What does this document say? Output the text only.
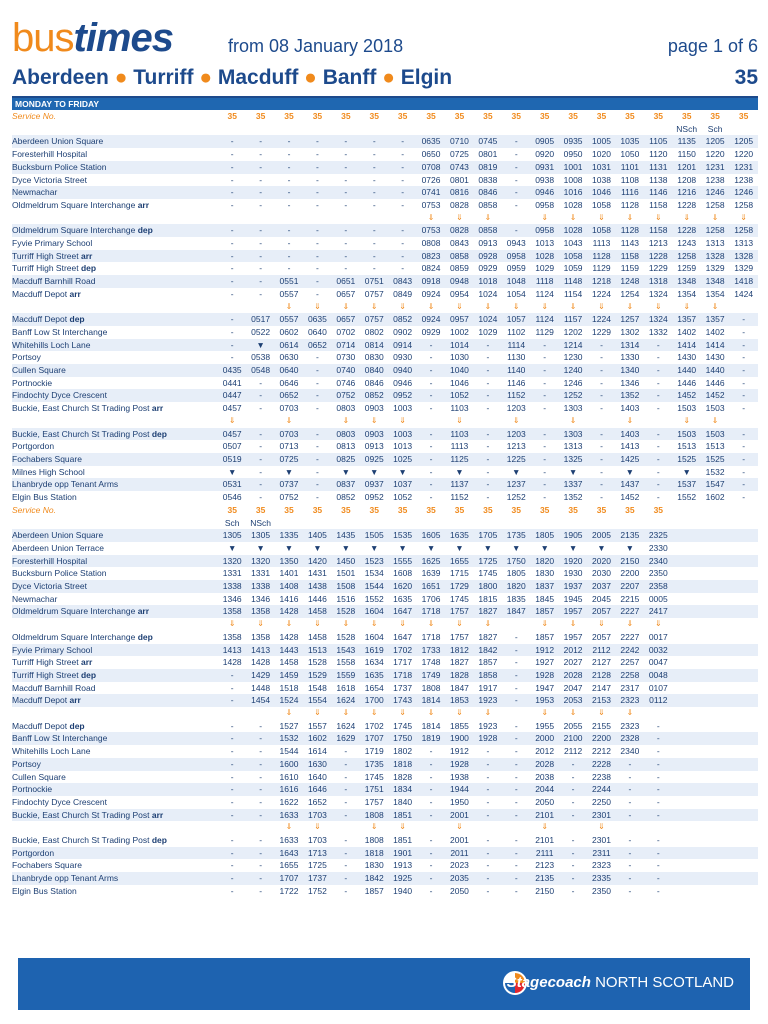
bustimes	from 08 January 2018	page 1 of 6
Aberdeen ● Turriff ● Macduff ● Banff ● Elgin	35
MONDAY TO FRIDAY
Service No.	35	35	35	35	35	35	35	35	35	35	35	35	35	35	35	35	35	35	35
																	NSch	Sch	
Aberdeen Union Square	-	-	-	-	-	-	-	0635	0710	0745	-	0905	0935	1005	1035	1105	1135	1205	1205
Foresterhill Hospital	-	-	-	-	-	-	-	0650	0725	0801	-	0920	0950	1020	1050	1120	1150	1220	1220
Bucksburn Police Station	-	-	-	-	-	-	-	0708	0743	0819	-	0931	1001	1031	1101	1131	1201	1231	1231
Dyce Victoria Street	-	-	-	-	-	-	-	0726	0801	0838	-	0938	1008	1038	1108	1138	1208	1238	1238
Newmachar	-	-	-	-	-	-	-	0741	0816	0846	-	0946	1016	1046	1116	1146	1216	1246	1246
Oldmeldrum Square Interchange arr	-	-	-	-	-	-	-	0753	0828	0858	-	0958	1028	1058	1128	1158	1228	1258	1258
								⇓	⇓	⇓		⇓	⇓	⇓	⇓	⇓	⇓	⇓	⇓
Oldmeldrum Square Interchange dep	-	-	-	-	-	-	-	0753	0828	0858	-	0958	1028	1058	1128	1158	1228	1258	1258
Fyvie Primary School	-	-	-	-	-	-	-	0808	0843	0913	0943	1013	1043	1113	1143	1213	1243	1313	1313
Turriff High Street arr	-	-	-	-	-	-	-	0823	0858	0928	0958	1028	1058	1128	1158	1228	1258	1328	1328
Turriff High Street dep	-	-	-	-	-	-	-	0824	0859	0929	0959	1029	1059	1129	1159	1229	1259	1329	1329
Macduff Barnhill Road	-	-	0551	-	0651	0751	0843	0918	0948	1018	1048	1118	1148	1218	1248	1318	1348	1348	1418
Macduff Depot arr	-	-	0557	-	0657	0757	0849	0924	0954	1024	1054	1124	1154	1224	1254	1324	1354	1354	1424
			⇓	⇓	⇓	⇓	⇓	⇓	⇓	⇓	⇓	⇓	⇓	⇓	⇓	⇓	⇓	⇓	
Macduff Depot dep	-	0517	0557	0635	0657	0757	0852	0924	0957	1024	1057	1124	1157	1224	1257	1324	1357	1357	-
Banff Low St Interchange	-	0522	0602	0640	0702	0802	0902	0929	1002	1029	1102	1129	1202	1229	1302	1332	1402	1402	-
Whitehills Loch Lane	-	▼	0614	0652	0714	0814	0914	-	1014	-	1114	-	1214	-	1314	-	1414	1414	-
Portsoy	-	0538	0630	-	0730	0830	0930	-	1030	-	1130	-	1230	-	1330	-	1430	1430	-
Cullen Square	0435	0548	0640	-	0740	0840	0940	-	1040	-	1140	-	1240	-	1340	-	1440	1440	-
Portnockie	0441	-	0646	-	0746	0846	0946	-	1046	-	1146	-	1246	-	1346	-	1446	1446	-
Findochty Dyce Crescent	0447	-	0652	-	0752	0852	0952	-	1052	-	1152	-	1252	-	1352	-	1452	1452	-
Buckie, East Church St Trading Post arr	0457	-	0703	-	0803	0903	1003	-	1103	-	1203	-	1303	-	1403	-	1503	1503	-
	⇓		⇓		⇓	⇓	⇓		⇓		⇓		⇓		⇓		⇓	⇓	
Buckie, East Church St Trading Post dep	0457	-	0703	-	0803	0903	1003	-	1103	-	1203	-	1303	-	1403	-	1503	1503	-
Portgordon	0507	-	0713	-	0813	0913	1013	-	1113	-	1213	-	1313	-	1413	-	1513	1513	-
Fochabers Square	0519	-	0725	-	0825	0925	1025	-	1125	-	1225	-	1325	-	1425	-	1525	1525	-
Milnes High School	▼	-	▼	-	▼	▼	▼	-	▼	-	▼	-	▼	-	▼	-	▼	1532	-
Lhanbryde opp Tenant Arms	0531	-	0737	-	0837	0937	1037	-	1137	-	1237	-	1337	-	1437	-	1537	1547	-
Elgin Bus Station	0546	-	0752	-	0852	0952	1052	-	1152	-	1252	-	1352	-	1452	-	1552	1602	-
Service No.	35	35	35	35	35	35	35	35	35	35	35	35	35	35	35	35			
	Sch	NSch																	
Aberdeen Union Square	1305	1305	1335	1405	1435	1505	1535	1605	1635	1705	1735	1805	1905	2005	2135	2325			
Aberdeen Union Terrace	▼	▼	▼	▼	▼	▼	▼	▼	▼	▼	▼	▼	▼	▼	▼	2330			
Foresterhill Hospital	1320	1320	1350	1420	1450	1523	1555	1625	1655	1725	1750	1820	1920	2020	2150	2340			
Bucksburn Police Station	1331	1331	1401	1431	1501	1534	1608	1639	1715	1745	1805	1830	1930	2030	2200	2350			
Dyce Victoria Street	1338	1338	1408	1438	1508	1544	1620	1651	1729	1800	1820	1837	1937	2037	2207	2358			
Newmachar	1346	1346	1416	1446	1516	1552	1635	1706	1745	1815	1835	1845	1945	2045	2215	0005			
Oldmeldrum Square Interchange arr	1358	1358	1428	1458	1528	1604	1647	1718	1757	1827	1847	1857	1957	2057	2227	2417			
	⇓	⇓	⇓	⇓	⇓	⇓	⇓	⇓	⇓	⇓		⇓	⇓	⇓	⇓	⇓			
Oldmeldrum Square Interchange dep	1358	1358	1428	1458	1528	1604	1647	1718	1757	1827	-	1857	1957	2057	2227	0017			
Fyvie Primary School	1413	1413	1443	1513	1543	1619	1702	1733	1812	1842	-	1912	2012	2112	2242	0032			
Turriff High Street arr	1428	1428	1458	1528	1558	1634	1717	1748	1827	1857	-	1927	2027	2127	2257	0047			
Turriff High Street dep	-	1429	1459	1529	1559	1635	1718	1749	1828	1858	-	1928	2028	2128	2258	0048			
Macduff Barnhill Road	-	1448	1518	1548	1618	1654	1737	1808	1847	1917	-	1947	2047	2147	2317	0107			
Macduff Depot arr	-	1454	1524	1554	1624	1700	1743	1814	1853	1923	-	1953	2053	2153	2323	0112			
			⇓	⇓	⇓	⇓	⇓	⇓	⇓	⇓		⇓	⇓	⇓	⇓				
Macduff Depot dep	-	-	1527	1557	1624	1702	1745	1814	1855	1923	-	1955	2055	2155	2323	-			
Banff Low St Interchange	-	-	1532	1602	1629	1707	1750	1819	1900	1928	-	2000	2100	2200	2328	-			
Whitehills Loch Lane	-	-	1544	1614	-	1719	1802	-	1912	-	-	2012	2112	2212	2340	-			
Portsoy	-	-	1600	1630	-	1735	1818	-	1928	-	-	2028	-	2228	-	-			
Cullen Square	-	-	1610	1640	-	1745	1828	-	1938	-	-	2038	-	2238	-	-			
Portnockie	-	-	1616	1646	-	1751	1834	-	1944	-	-	2044	-	2244	-	-			
Findochty Dyce Crescent	-	-	1622	1652	-	1757	1840	-	1950	-	-	2050	-	2250	-	-			
Buckie, East Church St Trading Post arr	-	-	1633	1703	-	1808	1851	-	2001	-	-	2101	-	2301	-	-			
			⇓	⇓		⇓	⇓		⇓			⇓		⇓					
Buckie, East Church St Trading Post dep	-	-	1633	1703	-	1808	1851	-	2001	-	-	2101	-	2301	-	-			
Portgordon	-	-	1643	1713	-	1818	1901	-	2011	-	-	2111	-	2311	-	-			
Fochabers Square	-	-	1655	1725	-	1830	1913	-	2023	-	-	2123	-	2323	-	-			
Lhanbryde opp Tenant Arms	-	-	1707	1737	-	1842	1925	-	2035	-	-	2135	-	2335	-	-			
Elgin Bus Station	-	-	1722	1752	-	1857	1940	-	2050	-	-	2150	-	2350	-	-			
Stagecoach NORTH SCOTLAND
